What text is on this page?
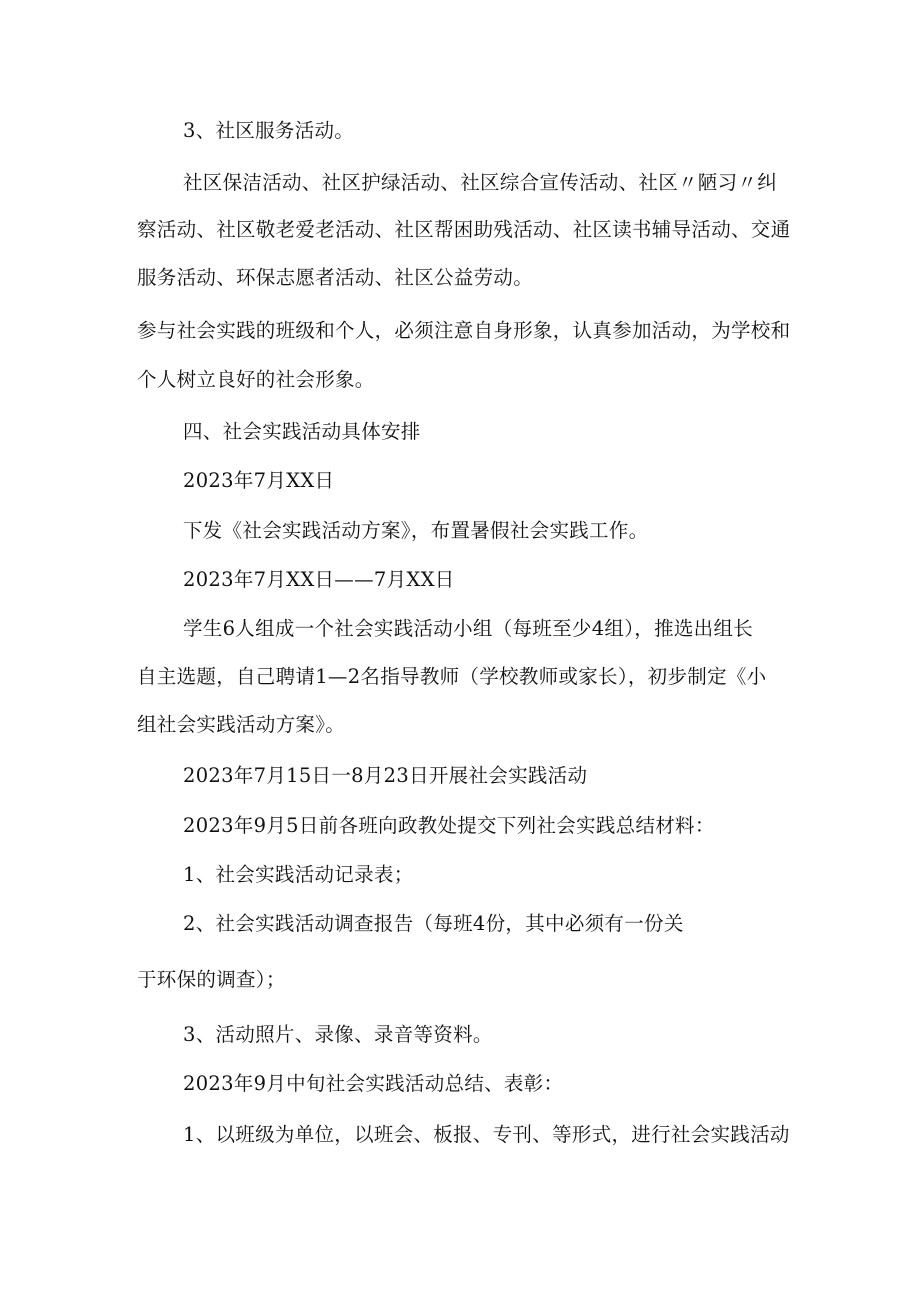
3、社区服务活动。
社区保洁活动、社区护绿活动、社区综合宣传活动、社区〃陋习〃纠
察活动、社区敬老爱老活动、社区帮困助残活动、社区读书辅导活动、交通
服务活动、环保志愿者活动、社区公益劳动。
参与社会实践的班级和个人，必须注意自身形象，认真参加活动，为学校和
个人树立良好的社会形象。
四、社会实践活动具体安排
2023年7月XX日
下发《社会实践活动方案》，布置暑假社会实践工作。
2023年7月XX日——7月XX日
学生6人组成一个社会实践活动小组（每班至少4组），推选出组长
自主选题，自己聘请1—2名指导教师（学校教师或家长），初步制定《小
组社会实践活动方案》。
2023年7月15日一8月23日开展社会实践活动
2023年9月5日前各班向政教处提交下列社会实践总结材料：
1、社会实践活动记录表；
2、社会实践活动调查报告（每班4份，其中必须有一份关
于环保的调查）；
3、活动照片、录像、录音等资料。
2023年9月中旬社会实践活动总结、表彰：
1、以班级为单位，以班会、板报、专刊、等形式，进行社会实践活动
